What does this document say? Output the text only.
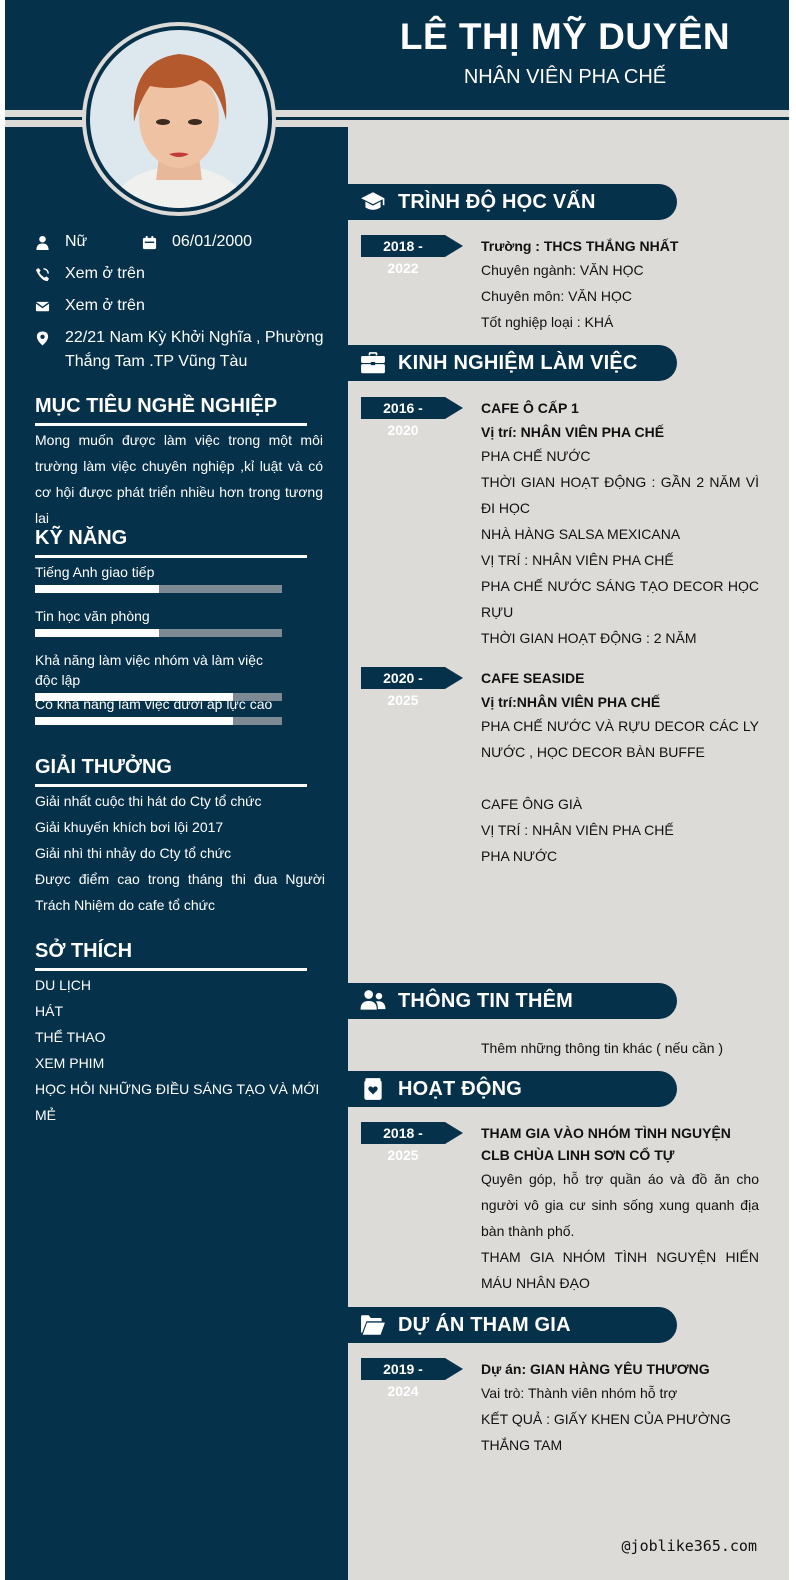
LÊ THỊ MỸ DUYÊN
NHÂN VIÊN PHA CHẾ
Nữ	06/01/2000
Xem ở trên
Xem ở trên
22/21 Nam Kỳ Khởi Nghĩa , Phường Thắng Tam .TP Vũng Tàu
MỤC TIÊU NGHỀ NGHIỆP
Mong muốn được làm việc trong một môi trường làm việc chuyên nghiệp ,kỉ luật và có cơ hội được phát triển nhiều hơn trong tương lai
KỸ NĂNG
Tiếng Anh giao tiếp
Tin học văn phòng
Khả năng làm việc nhóm và làm việc độc lập
Có khả năng làm việc dưới áp lực cao
GIẢI THƯỞNG
Giải nhất cuộc thi hát do Cty tổ chức
Giải khuyến khích bơi lội 2017
Giải nhì thi nhảy do Cty tổ chức
Được điểm cao trong tháng thi đua Người Trách Nhiệm do cafe tổ chức
SỞ THÍCH
DU LỊCH
HÁT
THỂ THAO
XEM PHIM
HỌC HỎI NHỮNG ĐIỀU SÁNG TẠO VÀ MỚI MẺ
TRÌNH ĐỘ HỌC VẤN
2018 - 2022
Trường : THCS THẮNG NHẤT
Chuyên ngành: VĂN HỌC
Chuyên môn: VĂN HỌC
Tốt nghiệp loại : KHÁ
KINH NGHIỆM LÀM VIỆC
2016 - 2020
CAFE Ô CẤP 1
Vị trí: NHÂN VIÊN PHA CHẾ
PHA CHẾ NƯỚC
THỜI GIAN HOẠT ĐỘNG : GẦN 2 NĂM VÌ ĐI HỌC
NHÀ HÀNG SALSA MEXICANA
VỊ TRÍ : NHÂN VIÊN PHA CHẾ
PHA CHẾ NƯỚC SÁNG TẠO DECOR HỌC RỰU
THỜI GIAN HOẠT ĐỘNG : 2 NĂM
2020 - 2025
CAFE SEASIDE
Vị trí:NHÂN VIÊN PHA CHẾ
PHA CHẾ NƯỚC VÀ RỰU DECOR CÁC LY NƯỚC , HỌC DECOR BÀN BUFFE
CAFE ÔNG GIÀ
VỊ TRÍ : NHÂN VIÊN PHA CHẾ
PHA NƯỚC
THÔNG TIN THÊM
Thêm những thông tin khác ( nếu cần )
HOẠT ĐỘNG
2018 - 2025
THAM GIA VÀO NHÓM TÌNH NGUYỆN CLB CHÙA LINH SƠN CỔ TỰ
Quyên góp, hỗ trợ quần áo và đồ ăn cho người vô gia cư sinh sống xung quanh địa bàn thành phố.
THAM GIA NHÓM TÌNH NGUYỆN HIẾN MÁU NHÂN ĐẠO
DỰ ÁN THAM GIA
2019 - 2024
Dự án: GIAN HÀNG YÊU THƯƠNG
Vai trò: Thành viên nhóm hỗ trợ
KẾT QUẢ : GIẤY KHEN CỦA PHƯỜNG THẮNG TAM
@joblike365.com
